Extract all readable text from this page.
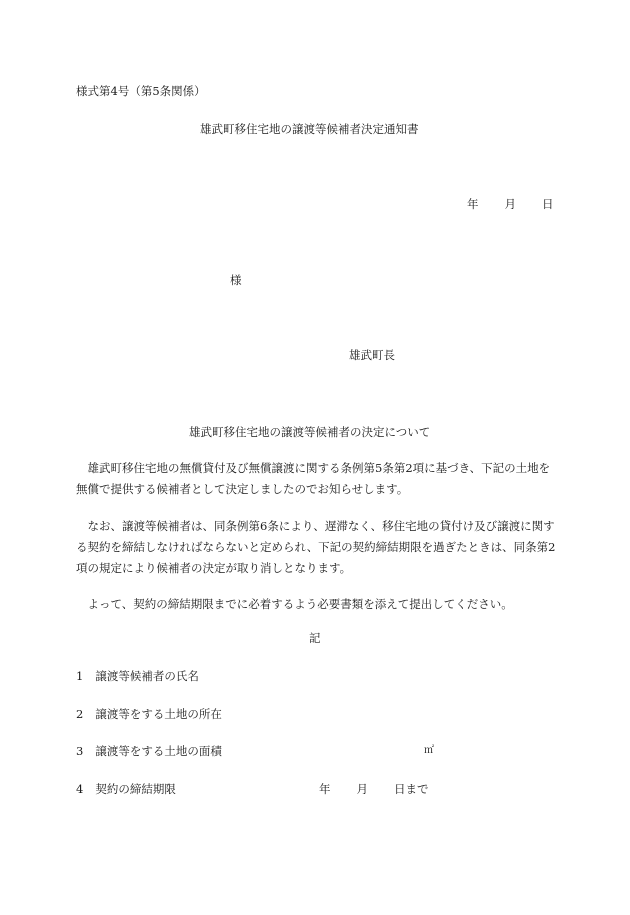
様式第4号（第5条関係）
雄武町移住宅地の譲渡等候補者決定通知書
年 月 日
様
雄武町長
雄武町移住宅地の譲渡等候補者の決定について
雄武町移住宅地の無償貸付及び無償譲渡に関する条例第5条第2項に基づき、下記の土地を無償で提供する候補者として決定しましたのでお知らせします。
なお、譲渡等候補者は、同条例第6条により、遅滞なく、移住宅地の貸付け及び譲渡に関する契約を締結しなければならないと定められ、下記の契約締結期限を過ぎたときは、同条第2項の規定により候補者の決定が取り消しとなります。
よって、契約の締結期限までに必着するよう必要書類を添えて提出してください。
記
1 譲渡等候補者の氏名
2 譲渡等をする土地の所在
3 譲渡等をする土地の面積	㎡
4 契約の締結期限	年 月 日まで
